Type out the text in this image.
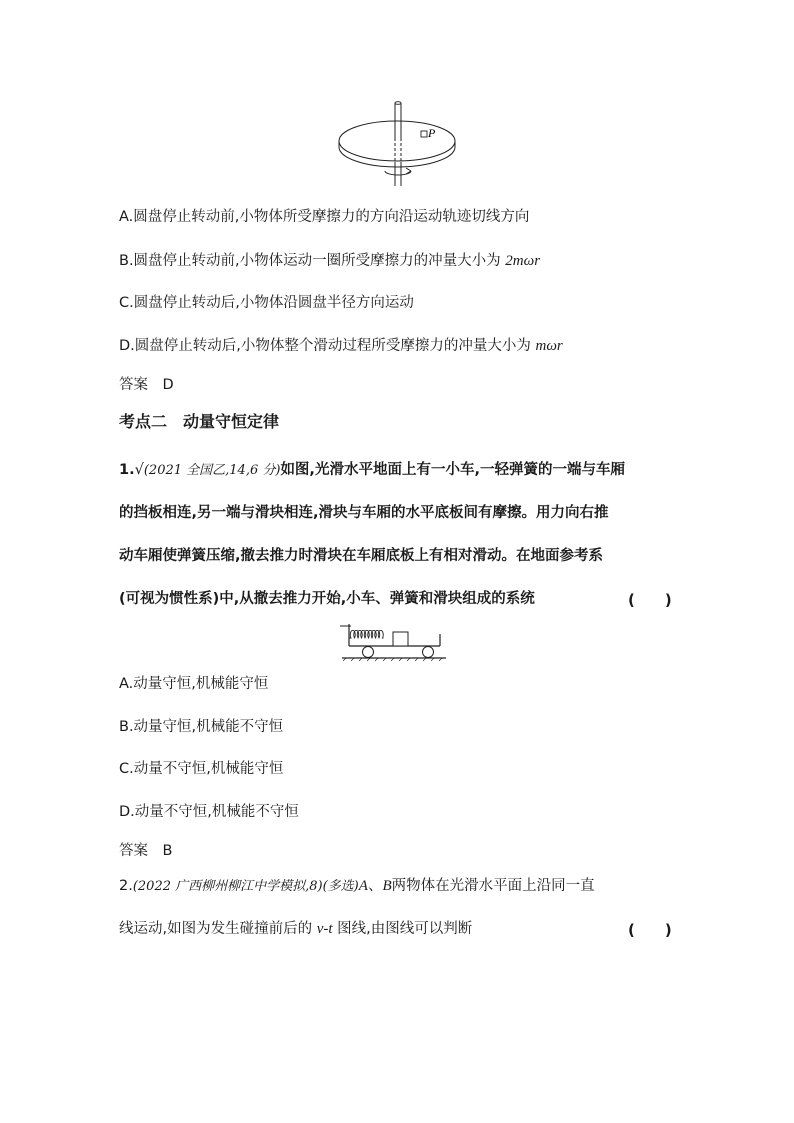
P
A.圆盘停止转动前,小物体所受摩擦力的方向沿运动轨迹切线方向
B.圆盘停止转动前,小物体运动一圈所受摩擦力的冲量大小为 2mωr
C.圆盘停止转动后,小物体沿圆盘半径方向运动
D.圆盘停止转动后,小物体整个滑动过程所受摩擦力的冲量大小为 mωr
答案　D
考点二　动量守恒定律
1.√(2021 全国乙,14,6 分)如图,光滑水平地面上有一小车,一轻弹簧的一端与车厢
的挡板相连,另一端与滑块相连,滑块与车厢的水平底板间有摩擦。用力向右推
动车厢使弹簧压缩,撤去推力时滑块在车厢底板上有相对滑动。在地面参考系
(可视为惯性系)中,从撤去推力开始,小车、弹簧和滑块组成的系统	(　　)
A.动量守恒,机械能守恒
B.动量守恒,机械能不守恒
C.动量不守恒,机械能守恒
D.动量不守恒,机械能不守恒
答案　B
2.(2022 广西柳州柳江中学模拟,8)(多选)A、B两物体在光滑水平面上沿同一直
线运动,如图为发生碰撞前后的 v-t 图线,由图线可以判断	(　　)
